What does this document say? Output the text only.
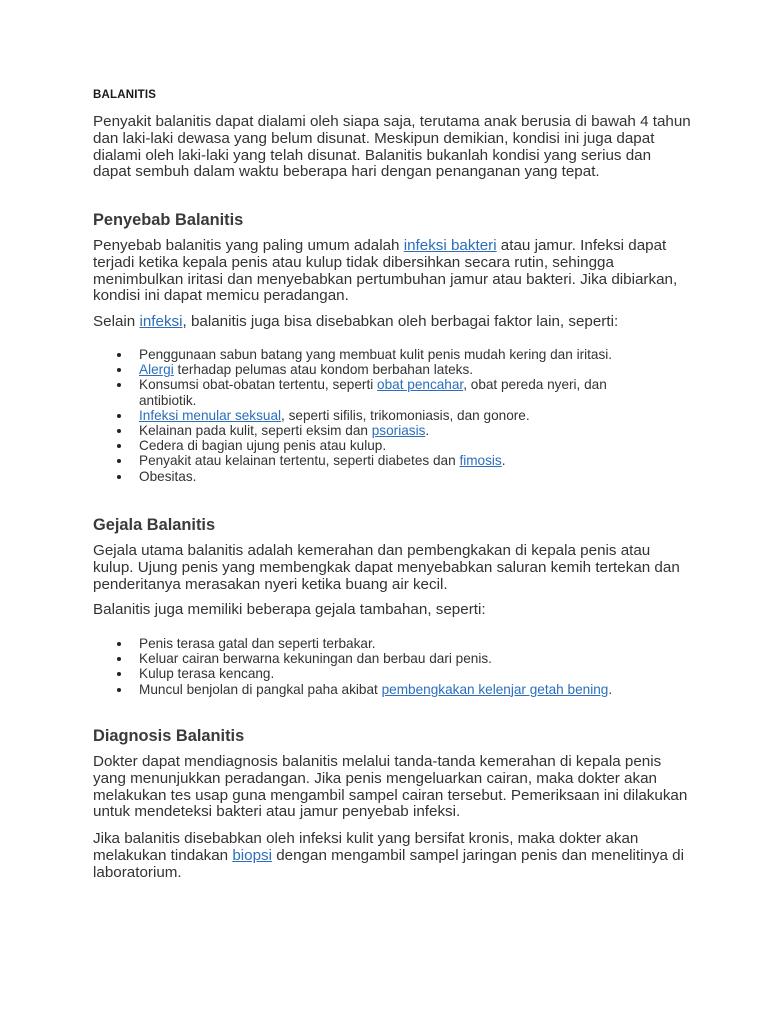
BALANITIS

Penyakit balanitis dapat dialami oleh siapa saja, terutama anak berusia di bawah 4 tahun dan laki-laki dewasa yang belum disunat. Meskipun demikian, kondisi ini juga dapat dialami oleh laki-laki yang telah disunat. Balanitis bukanlah kondisi yang serius dan dapat sembuh dalam waktu beberapa hari dengan penanganan yang tepat.

Penyebab Balanitis

Penyebab balanitis yang paling umum adalah infeksi bakteri atau jamur. Infeksi dapat terjadi ketika kepala penis atau kulup tidak dibersihkan secara rutin, sehingga menimbulkan iritasi dan menyebabkan pertumbuhan jamur atau bakteri. Jika dibiarkan, kondisi ini dapat memicu peradangan.

Selain infeksi, balanitis juga bisa disebabkan oleh berbagai faktor lain, seperti:

Penggunaan sabun batang yang membuat kulit penis mudah kering dan iritasi.
Alergi terhadap pelumas atau kondom berbahan lateks.
Konsumsi obat-obatan tertentu, seperti obat pencahar, obat pereda nyeri, dan antibiotik.
Infeksi menular seksual, seperti sifilis, trikomoniasis, dan gonore.
Kelainan pada kulit, seperti eksim dan psoriasis.
Cedera di bagian ujung penis atau kulup.
Penyakit atau kelainan tertentu, seperti diabetes dan fimosis.
Obesitas.
Gejala Balanitis

Gejala utama balanitis adalah kemerahan dan pembengkakan di kepala penis atau kulup. Ujung penis yang membengkak dapat menyebabkan saluran kemih tertekan dan penderitanya merasakan nyeri ketika buang air kecil.

Balanitis juga memiliki beberapa gejala tambahan, seperti:

Penis terasa gatal dan seperti terbakar.
Keluar cairan berwarna kekuningan dan berbau dari penis.
Kulup terasa kencang.
Muncul benjolan di pangkal paha akibat pembengkakan kelenjar getah bening.
Diagnosis Balanitis

Dokter dapat mendiagnosis balanitis melalui tanda-tanda kemerahan di kepala penis yang menunjukkan peradangan. Jika penis mengeluarkan cairan, maka dokter akan melakukan tes usap guna mengambil sampel cairan tersebut. Pemeriksaan ini dilakukan untuk mendeteksi bakteri atau jamur penyebab infeksi.

Jika balanitis disebabkan oleh infeksi kulit yang bersifat kronis, maka dokter akan melakukan tindakan biopsi dengan mengambil sampel jaringan penis dan menelitinya di laboratorium.
